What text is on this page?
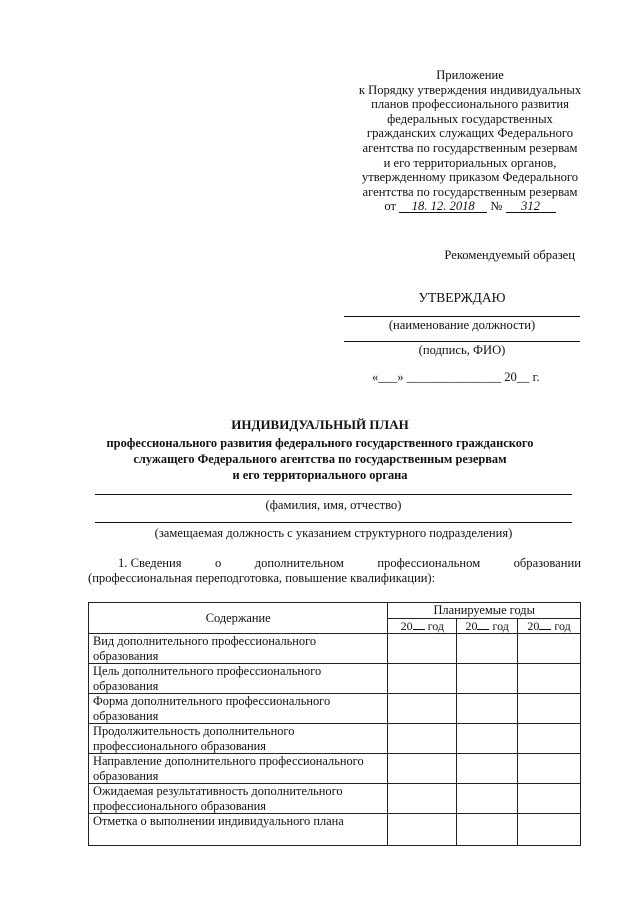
Приложение
к Порядку утверждения индивидуальных
планов профессионального развития
федеральных государственных
гражданских служащих Федерального
агентства по государственным резервам
и его территориальных органов,
утвержденному приказом Федерального
агентства по государственным резервам
от 18. 12. 2018 № 312
Рекомендуемый образец
УТВЕРЖДАЮ
(наименование должности)
(подпись, ФИО)
«___» _______________ 20__ г.
ИНДИВИДУАЛЬНЫЙ ПЛАН
профессионального развития федерального государственного гражданского
служащего Федерального агентства по государственным резервам
и его территориального органа
(фамилия, имя, отчество)
(замещаемая должность с указанием структурного подразделения)
1. Сведения	о	дополнительном	профессиональном	образовании
(профессиональная переподготовка, повышение квалификации):
Содержание	Планируемые годы		
	20 год	20 год	20 год
Вид дополнительного профессионального образования			
Цель дополнительного профессионального образования			
Форма дополнительного профессионального образования			
Продолжительность дополнительного профессионального образования			
Направление дополнительного профессионального образования			
Ожидаемая результативность дополнительного профессионального образования			
Отметка о выполнении индивидуального плана			
